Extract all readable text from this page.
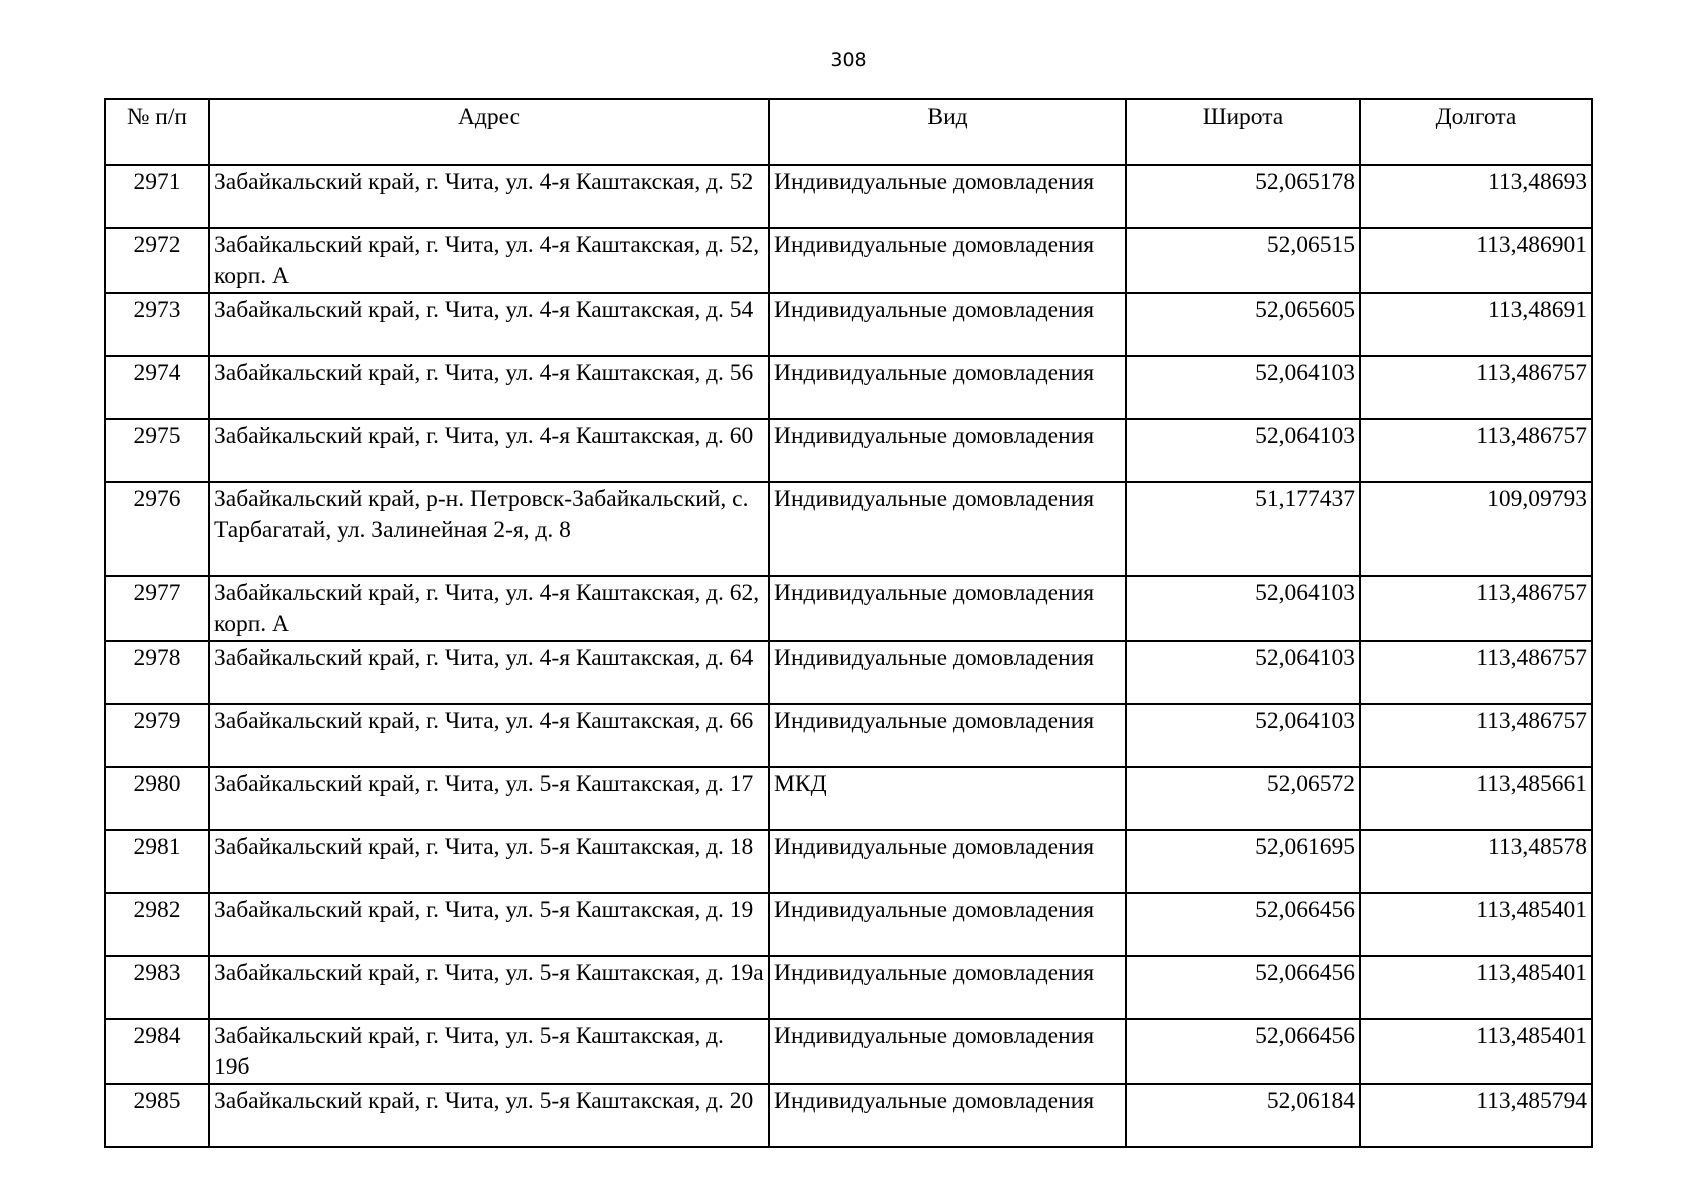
308
№ п/п	Адрес	Вид	Широта	Долгота
2971	Забайкальский край, г. Чита, ул. 4-я Каштакская, д. 52	Индивидуальные домовладения	52,065178	113,48693
2972	Забайкальский край, г. Чита, ул. 4-я Каштакская, д. 52, корп. А	Индивидуальные домовладения	52,06515	113,486901
2973	Забайкальский край, г. Чита, ул. 4-я Каштакская, д. 54	Индивидуальные домовладения	52,065605	113,48691
2974	Забайкальский край, г. Чита, ул. 4-я Каштакская, д. 56	Индивидуальные домовладения	52,064103	113,486757
2975	Забайкальский край, г. Чита, ул. 4-я Каштакская, д. 60	Индивидуальные домовладения	52,064103	113,486757
2976	Забайкальский край, р-н. Петровск-Забайкальский, с. Тарбагатай, ул. Залинейная 2-я, д. 8	Индивидуальные домовладения	51,177437	109,09793
2977	Забайкальский край, г. Чита, ул. 4-я Каштакская, д. 62, корп. А	Индивидуальные домовладения	52,064103	113,486757
2978	Забайкальский край, г. Чита, ул. 4-я Каштакская, д. 64	Индивидуальные домовладения	52,064103	113,486757
2979	Забайкальский край, г. Чита, ул. 4-я Каштакская, д. 66	Индивидуальные домовладения	52,064103	113,486757
2980	Забайкальский край, г. Чита, ул. 5-я Каштакская, д. 17	МКД	52,06572	113,485661
2981	Забайкальский край, г. Чита, ул. 5-я Каштакская, д. 18	Индивидуальные домовладения	52,061695	113,48578
2982	Забайкальский край, г. Чита, ул. 5-я Каштакская, д. 19	Индивидуальные домовладения	52,066456	113,485401
2983	Забайкальский край, г. Чита, ул. 5-я Каштакская, д. 19а	Индивидуальные домовладения	52,066456	113,485401
2984	Забайкальский край, г. Чита, ул. 5-я Каштакская, д. 19б	Индивидуальные домовладения	52,066456	113,485401
2985	Забайкальский край, г. Чита, ул. 5-я Каштакская, д. 20	Индивидуальные домовладения	52,06184	113,485794
